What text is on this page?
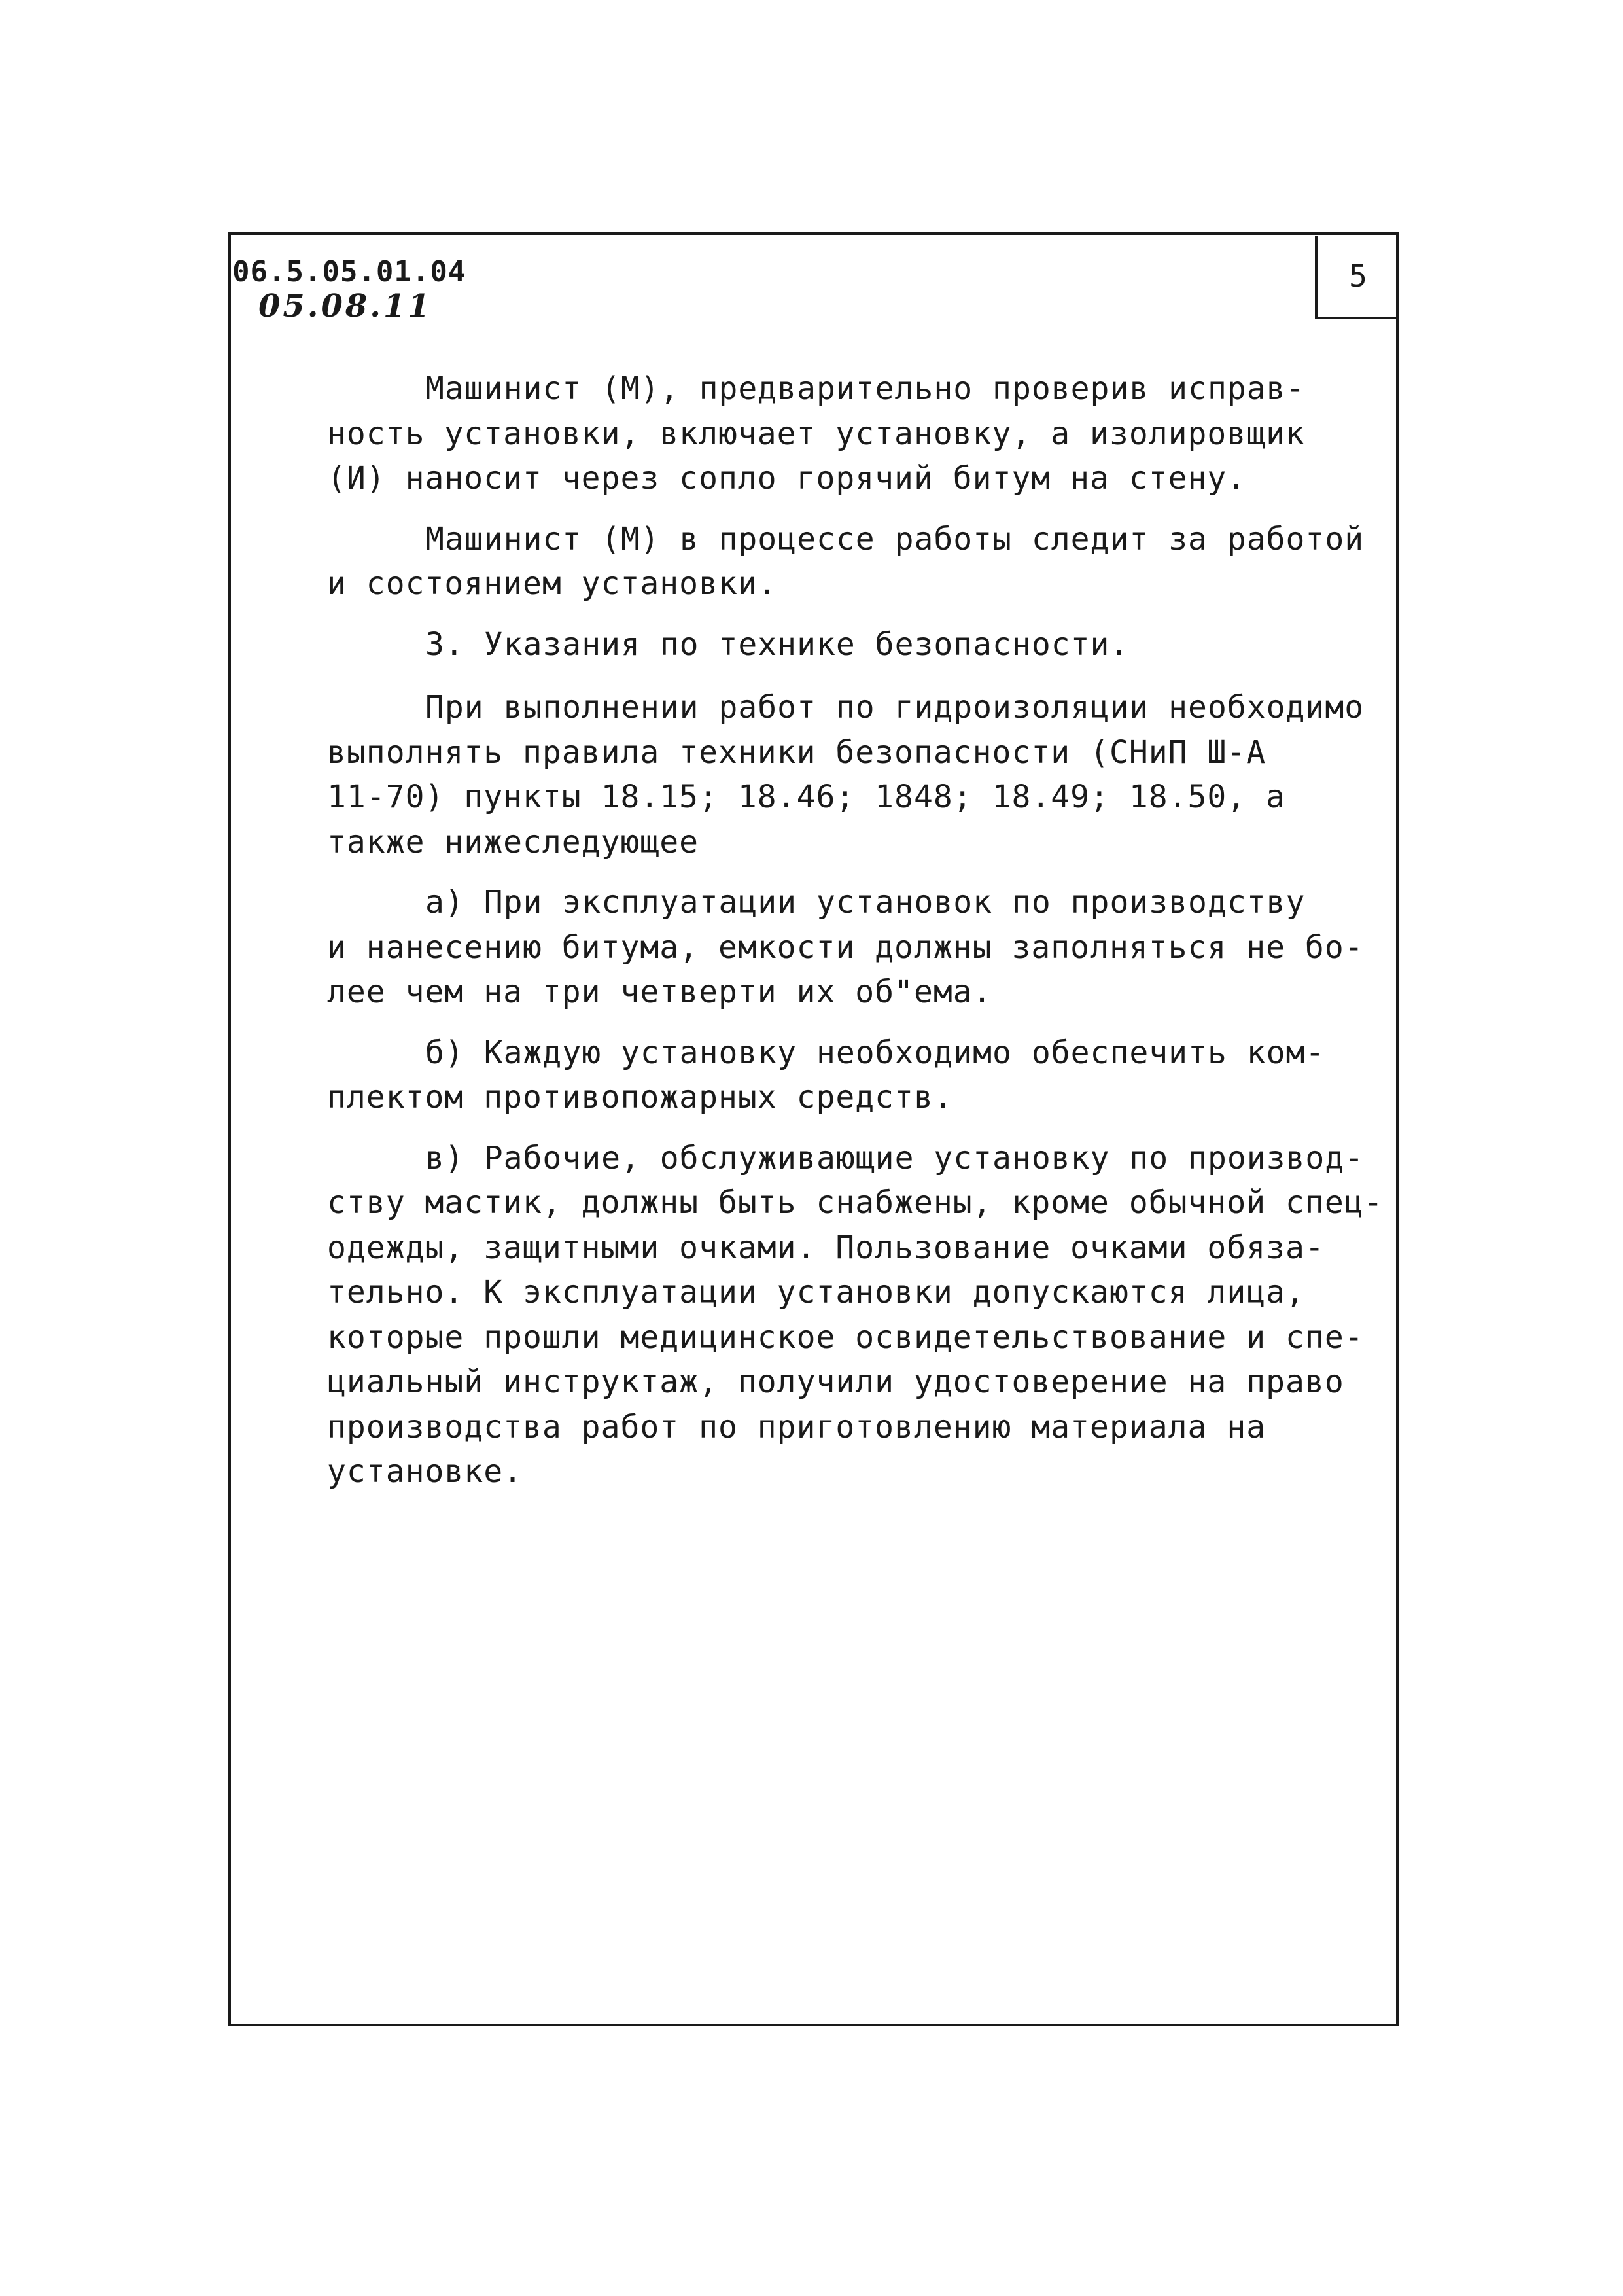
06.5.05.01.04
05.08.11
5

Машинист (М), предварительно проверив исправ-
ность установки, включает установку, а изолировщик
(И) наносит через сопло горячий битум на стену.

Машинист (М) в процессе работы следит за работой
и состоянием установки.

3. Указания по технике безопасности.

При выполнении работ по гидроизоляции необходимо
выполнять правила техники безопасности (СНиП Ш-А
11-70) пункты 18.15; 18.46; 1848; 18.49; 18.50, а
также нижеследующее

а) При эксплуатации установок по производству
и нанесению битума, емкости должны заполняться не бо-
лее чем на три четверти их об"ема.

б) Каждую установку необходимо обеспечить ком-
плектом противопожарных средств.

в) Рабочие, обслуживающие установку по производ-
ству мастик, должны быть снабжены, кроме обычной спец-
одежды, защитными очками. Пользование очками обяза-
тельно. К эксплуатации установки допускаются лица,
которые прошли медицинское освидетельствование и спе-
циальный инструктаж, получили удостоверение на право
производства работ по приготовлению материала на
установке.
